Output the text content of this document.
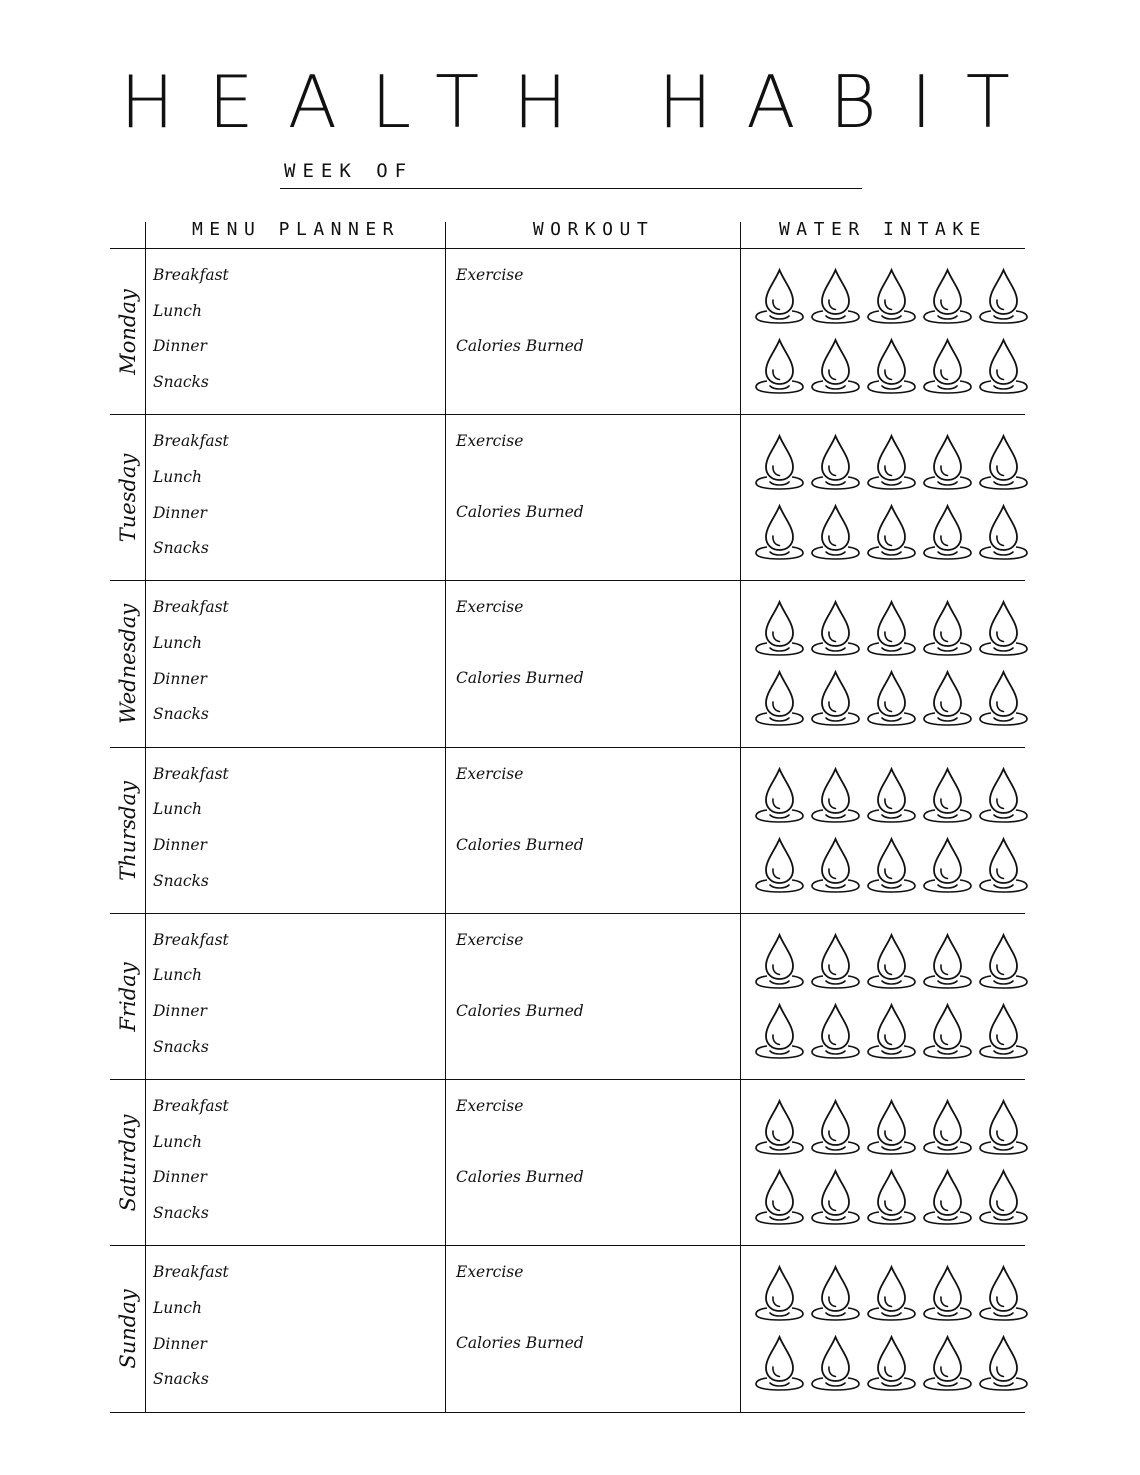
HEALTH HABIT
WEEK OF
MENU PLANNER	WORKOUT	WATER INTAKE
Monday
Breakfast
Lunch
Dinner
Snacks
Exercise
Calories Burned
Tuesday
Breakfast
Lunch
Dinner
Snacks
Exercise
Calories Burned
Wednesday Breakfast
Lunch
Dinner
Snacks
Exercise
Calories Burned
Thursday
Breakfast
Lunch
Dinner
Snacks
Exercise
Calories Burned
Friday
Breakfast
Lunch
Dinner
Snacks
Exercise
Calories Burned
Saturday
Breakfast
Lunch
Dinner
Snacks
Exercise
Calories Burned
Sunday
Breakfast
Lunch
Dinner
Snacks
Exercise
Calories Burned
